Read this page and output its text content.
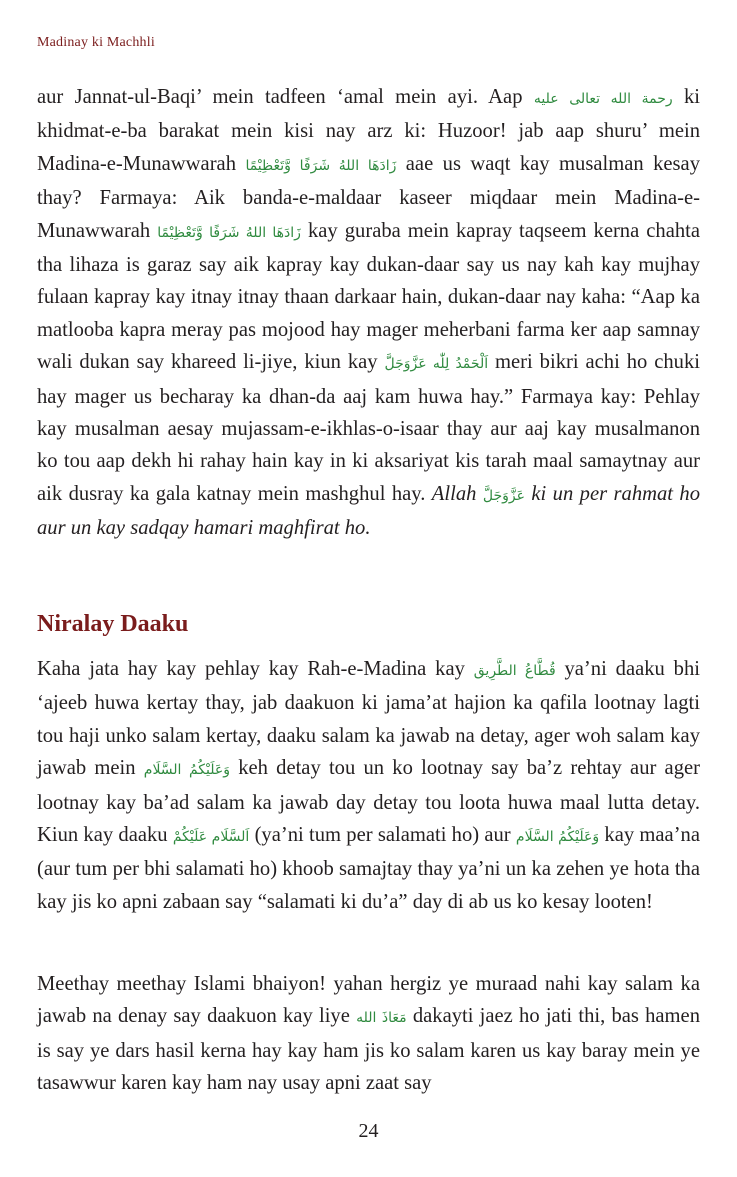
Madinay ki Machhli

aur Jannat-ul-Baqi’ mein tadfeen ‘amal mein ayi. Aap رحمة الله تعالى عليه ki khidmat-e-ba barakat mein kisi nay arz ki: Huzoor! jab aap shuru’ mein Madina-e-Munawwarah زَادَهَا اللهُ شَرَفًا وَّتَعْظِيْمًا aae us waqt kay musalman kesay thay? Farmaya: Aik banda-e-maldaar kaseer miqdaar mein Madina-e-Munawwarah زَادَهَا اللهُ شَرَفًا وَّتَعْظِيْمًا kay guraba mein kapray taqseem kerna chahta tha lihaza is garaz say aik kapray kay dukan-daar say us nay kah kay mujhay fulaan kapray kay itnay itnay thaan darkaar hain, dukan-daar nay kaha: “Aap ka matlooba kapra meray pas mojood hay mager meherbani farma ker aap samnay wali dukan say khareed li-jiye, kiun kay اَلْحَمْدُ لِلّٰه عَزَّوَجَلَّ meri bikri achi ho chuki hay mager us becharay ka dhan-da aaj kam huwa hay.” Farmaya kay: Pehlay kay musalman aesay mujassam-e-ikhlas-o-isaar thay aur aaj kay musalmanon ko tou aap dekh hi rahay hain kay in ki aksariyat kis tarah maal samaytnay aur aik dusray ka gala katnay mein mashghul hay. Allah عَزَّوَجَلَّ ki un per rahmat ho aur un kay sadqay hamari maghfirat ho.

Niralay Daaku

Kaha jata hay kay pehlay kay Rah-e-Madina kay قُطَّاعُ الطَّرِيق ya’ni daaku bhi ‘ajeeb huwa kertay thay, jab daakuon ki jama’at hajion ka qafila lootnay lagti tou haji unko salam kertay, daaku salam ka jawab na detay, ager woh salam kay jawab mein وَعَلَيْكُمُ السَّلَام keh detay tou un ko lootnay say ba’z rehtay aur ager lootnay kay ba’ad salam ka jawab day detay tou loota huwa maal lutta detay. Kiun kay daaku اَلسَّلَام عَلَيْكُمْ (ya’ni tum per salamati ho) aur وَعَلَيْكُمُ السَّلَام kay maa’na (aur tum per bhi salamati ho) khoob samajtay thay ya’ni un ka zehen ye hota tha kay jis ko apni zabaan say “salamati ki du’a” day di ab us ko kesay looten!

Meethay meethay Islami bhaiyon! yahan hergiz ye muraad nahi kay salam ka jawab na denay say daakuon kay liye مَعَاذَ الله dakayti jaez ho jati thi, bas hamen is say ye dars hasil kerna hay kay ham jis ko salam karen us kay baray mein ye tasawwur karen kay ham nay usay apni zaat say

24
